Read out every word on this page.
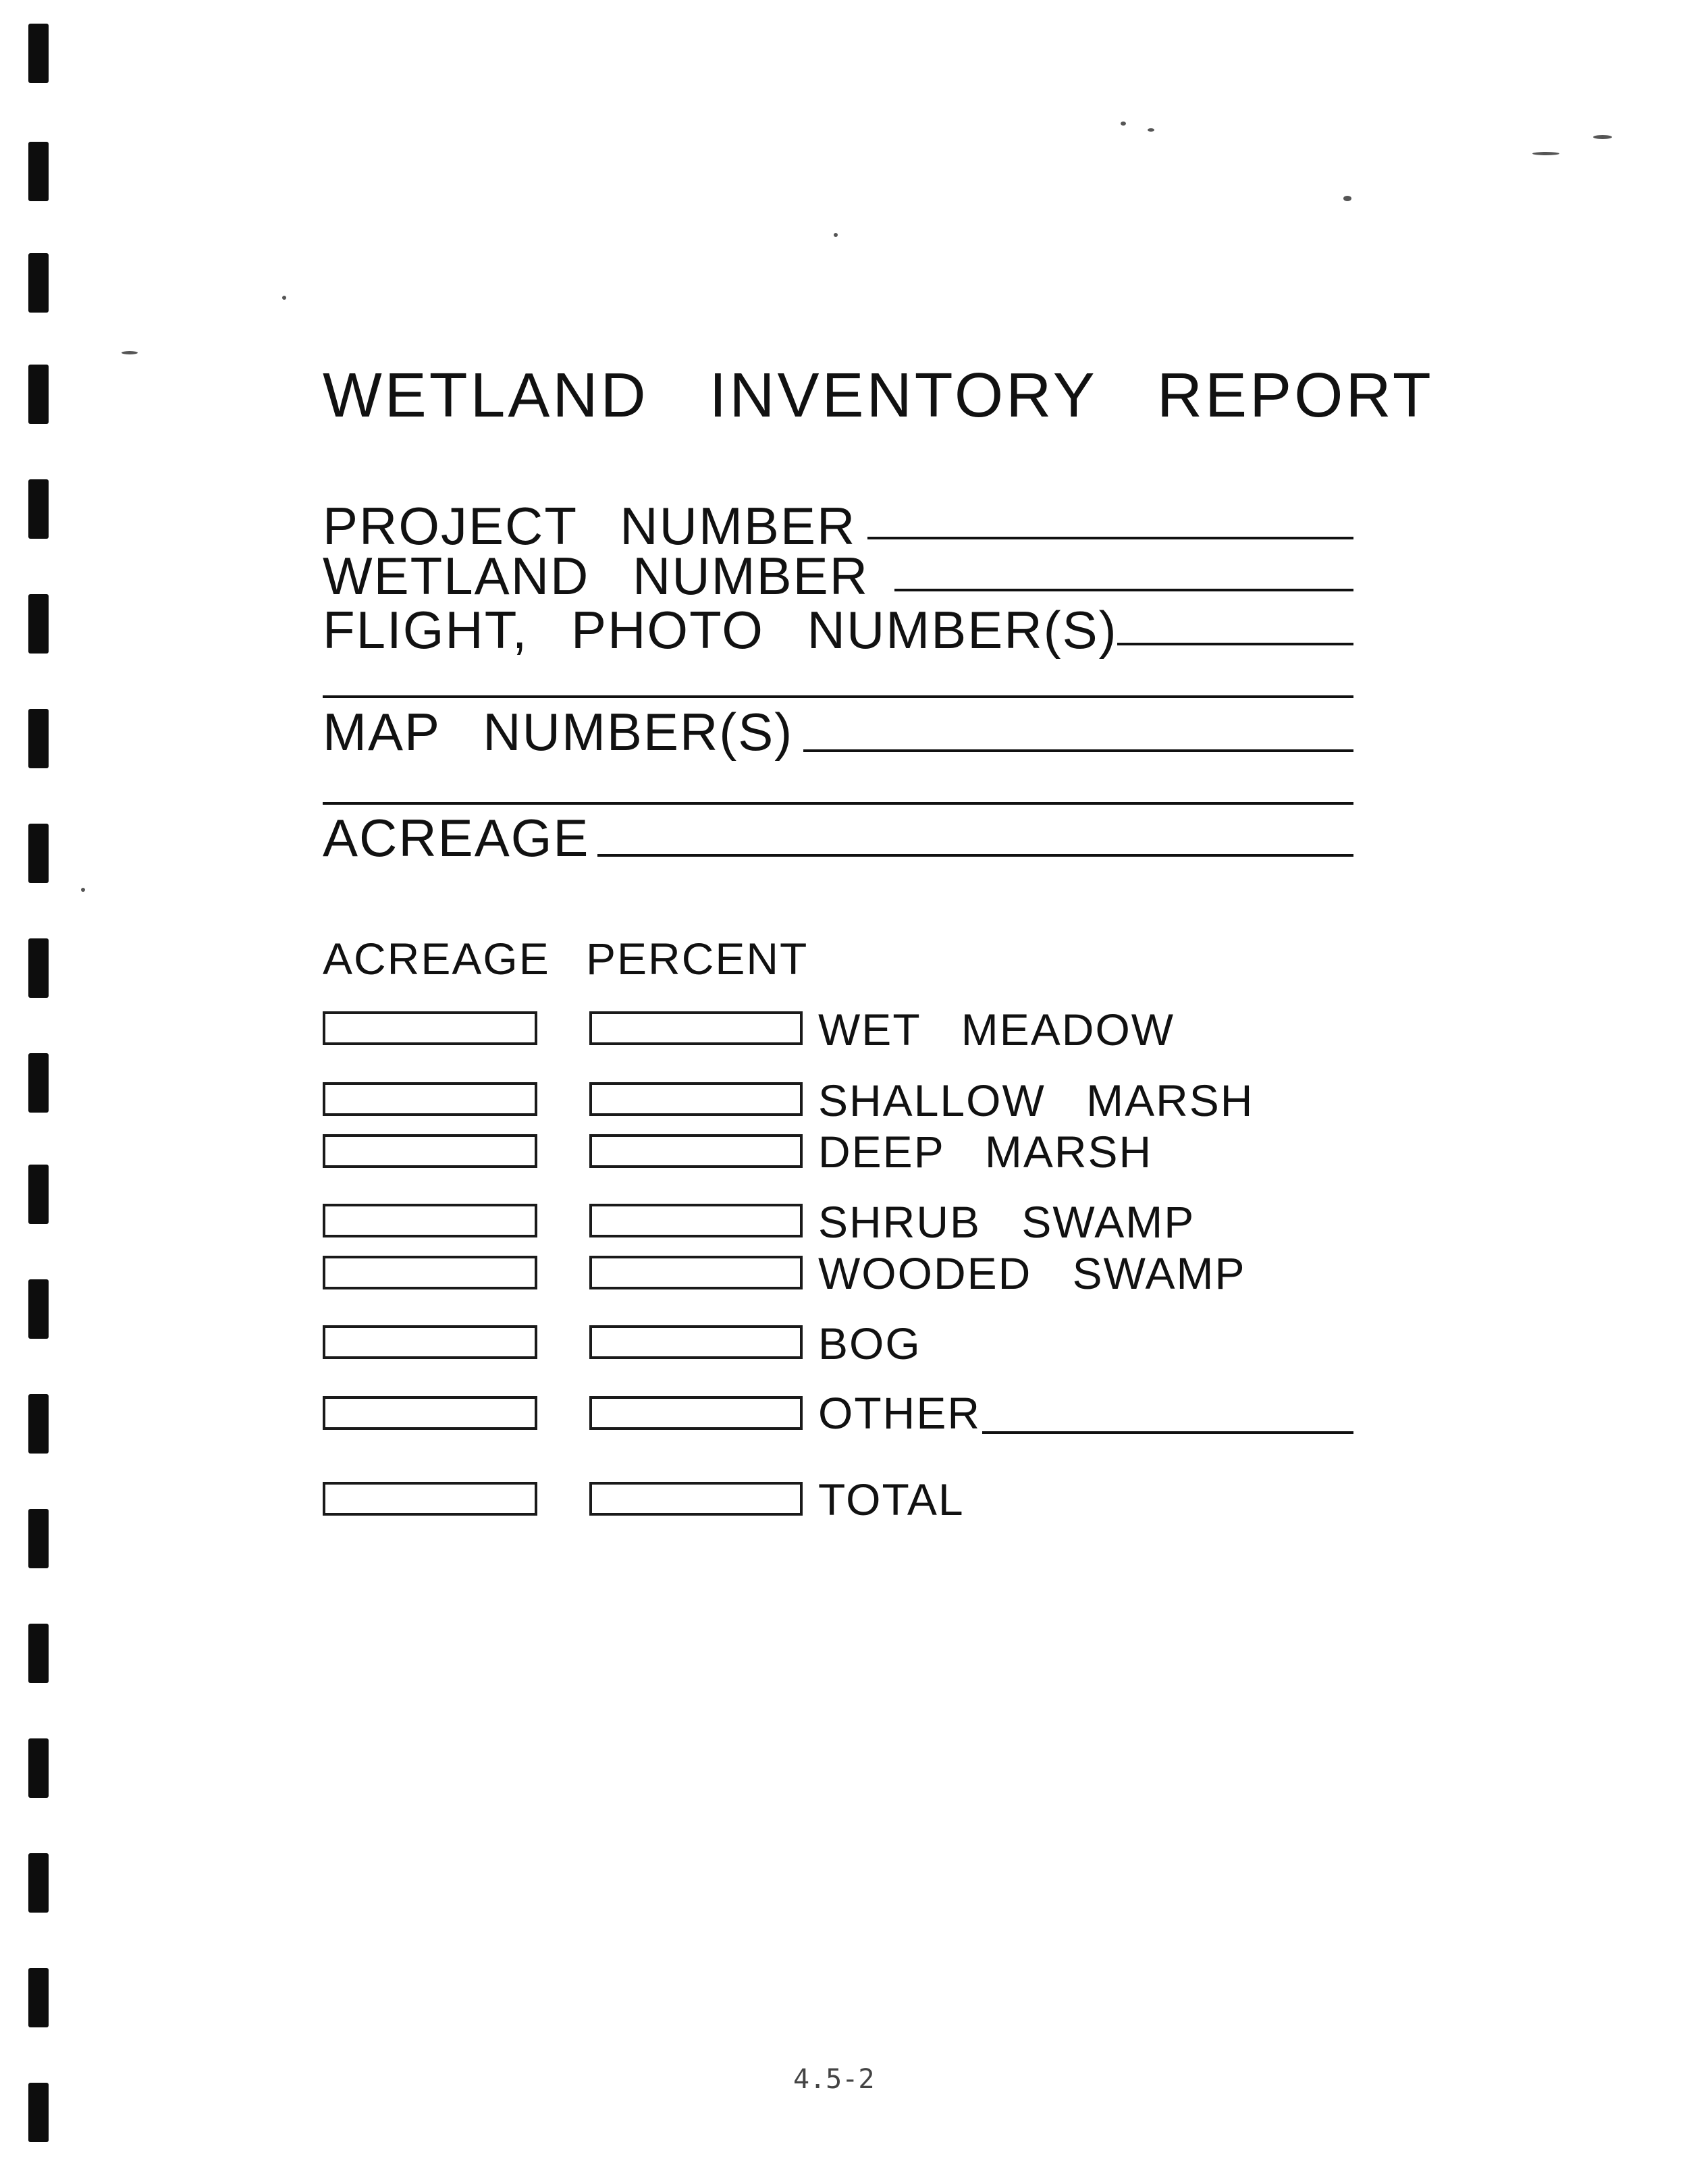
WETLAND INVENTORY REPORT
PROJECT NUMBER
WETLAND NUMBER
FLIGHT, PHOTO NUMBER(S)
MAP NUMBER(S)
ACREAGE
ACREAGE PERCENT
WET MEADOW
SHALLOW MARSH
DEEP MARSH
SHRUB SWAMP
WOODED SWAMP
BOG
OTHER
TOTAL
4.5-2
